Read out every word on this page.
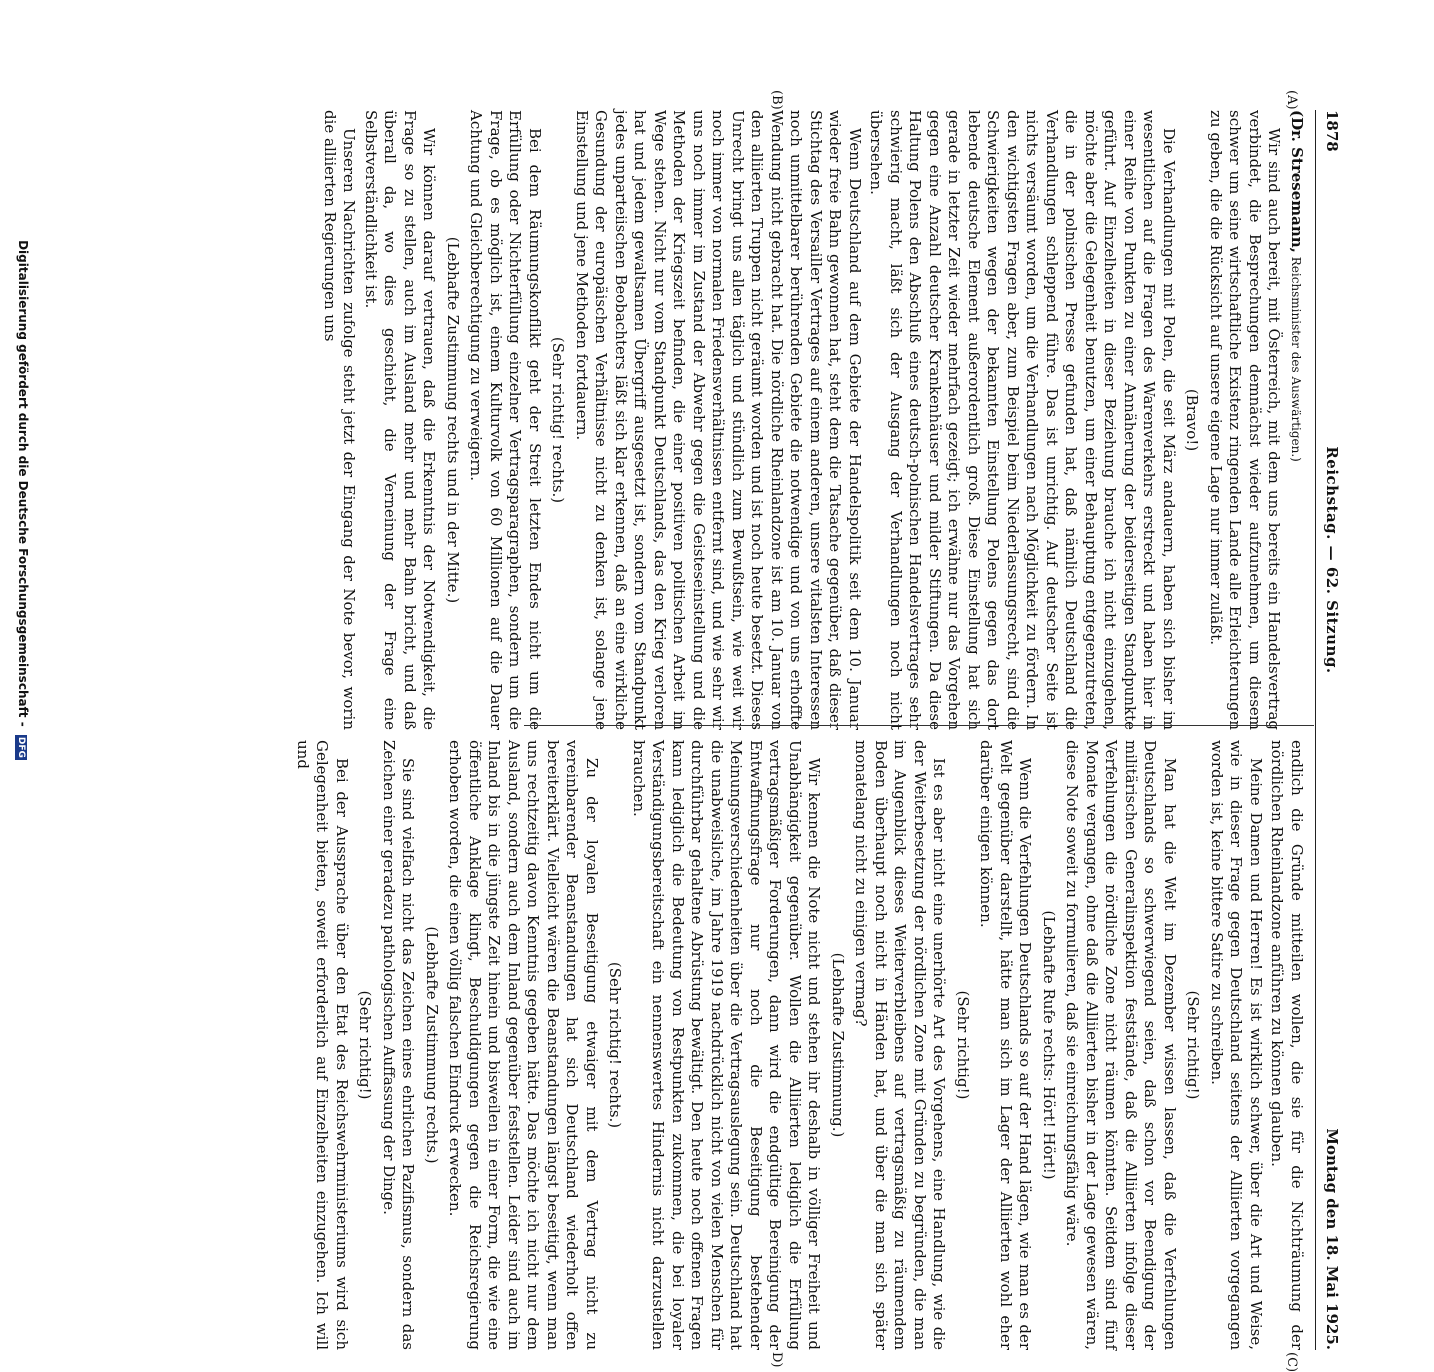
1878
Reichstag. — 62. Sitzung.
Montag den 18. Mai 1925.
(A)
(B)
(C)
D)

(Dr. Stresemann, Reichsminister des Auswärtigen.)

Wir sind auch bereit, mit Österreich, mit dem uns bereits ein Handelsvertrag verbindet, die Besprechungen demnächst wieder aufzunehmen, um diesem schwer um seine wirtschaftliche Existenz ringenden Lande alle Erleichterungen zu geben, die die Rücksicht auf unsere eigene Lage nur immer zuläßt.

(Bravo!)

Die Verhandlungen mit Polen, die seit März andauern, haben sich bisher im wesentlichen auf die Fragen des Warenverkehrs erstreckt und haben hier in einer Reihe von Punkten zu einer Annäherung der beiderseitigen Standpunkte geführt. Auf Einzelheiten in dieser Beziehung brauche ich nicht einzugehen, möchte aber die Gelegenheit benutzen, um einer Behauptung entgegenzutreten, die in der polnischen Presse gefunden hat, daß nämlich Deutschland die Verhandlungen schleppend führe. Das ist unrichtig. Auf deutscher Seite ist nichts versäumt worden, um die Verhandlungen nach Möglichkeit zu fördern. In den wichtigsten Fragen aber, zum Beispiel beim Niederlassungsrecht, sind die Schwierigkeiten wegen der bekannten Einstellung Polens gegen das dort lebende deutsche Element außerordentlich groß. Diese Einstellung hat sich gerade in letzter Zeit wieder mehrfach gezeigt; ich erwähne nur das Vorgehen gegen eine Anzahl deutscher Krankenhäuser und milder Stiftungen. Da diese Haltung Polens den Abschluß eines deutsch-polnischen Handelsvertrages sehr schwierig macht, läßt sich der Ausgang der Verhandlungen noch nicht übersehen.

Wenn Deutschland auf dem Gebiete der Handelspolitik seit dem 10. Januar wieder freie Bahn gewonnen hat, steht dem die Tatsache gegenüber, daß dieser Stichtag des Versailler Vertrages auf einem anderen, unsere vitalsten Interessen noch unmittelbarer berührenden Gebiete die notwendige und von uns erhoffte Wendung nicht gebracht hat. Die nördliche Rheinlandzone ist am 10. Januar von den alliierten Truppen nicht geräumt worden und ist noch heute besetzt. Dieses Unrecht bringt uns allen täglich und stündlich zum Bewußtsein, wie weit wir noch immer von normalen Friedensverhältnissen entfernt sind, und wie sehr wir uns noch immer im Zustand der Abwehr gegen die Geisteseinstellung und die Methoden der Kriegszeit befinden, die einer positiven politischen Arbeit im Wege stehen. Nicht nur vom Standpunkt Deutschlands, das den Krieg verloren hat und jedem gewaltsamen Übergriff ausgesetzt ist, sondern vom Standpunkt jedes unparteiischen Beobachters läßt sich klar erkennen, daß an eine wirkliche Gesundung der europäischen Verhältnisse nicht zu denken ist, solange jene Einstellung und jene Methoden fortdauern.

(Sehr richtig! rechts.)

Bei dem Räumungskonflikt geht der Streit letzten Endes nicht um die Erfüllung oder Nichterfüllung einzelner Vertragsparagraphen, sondern um die Frage, ob es möglich ist, einem Kulturvolk von 60 Millionen auf die Dauer Achtung und Gleichberechtigung zu verweigern.

(Lebhafte Zustimmung rechts und in der Mitte.)

Wir können darauf vertrauen, daß die Erkenntnis der Notwendigkeit, die Frage so zu stellen, auch im Ausland mehr und mehr Bahn bricht, und daß überall da, wo dies geschieht, die Verneinung der Frage eine Selbstverständlichkeit ist.

Unseren Nachrichten zufolge steht jetzt der Eingang der Note bevor, worin die alliierten Regierungen uns

endlich die Gründe mitteilen wollen, die sie für die Nichträumung der nördlichen Rheinlandzone anführen zu können glauben.

Meine Damen und Herren! Es ist wirklich schwer, über die Art und Weise, wie in dieser Frage gegen Deutschland seitens der Alliierten vorgegangen worden ist, keine bittere Satire zu schreiben.

(Sehr richtig!)

Man hat die Welt im Dezember wissen lassen, daß die Verfehlungen Deutschlands so schwerwiegend seien, daß schon vor Beendigung der militärischen Generalinspektion feststände, daß die Alliierten infolge dieser Verfehlungen die nördliche Zone nicht räumen könnten. Seitdem sind fünf Monate vergangen, ohne daß die Alliierten bisher in der Lage gewesen wären, diese Note soweit zu formulieren, daß sie einreichungsfähig wäre.

(Lebhafte Rufe rechts: Hört! Hört!)

Wenn die Verfehlungen Deutschlands so auf der Hand lägen, wie man es der Welt gegenüber darstellt, hätte man sich im Lager der Alliierten wohl eher darüber einigen können.

(Sehr richtig!)

Ist es aber nicht eine unerhörte Art des Vorgehens, eine Handlung, wie die der Weiterbesetzung der nördlichen Zone mit Gründen zu begründen, die man im Augenblick dieses Weiterverbleibens auf vertragsmäßig zu räumendem Boden überhaupt noch nicht in Händen hat, und über die man sich später monatelang nicht zu einigen vermag?

(Lebhafte Zustimmung.)

Wir kennen die Note nicht und stehen ihr deshalb in völliger Freiheit und Unabhängigkeit gegenüber. Wollen die Alliierten lediglich die Erfüllung vertragsmäßiger Forderungen, dann wird die endgültige Bereinigung der Entwaffnungsfrage nur noch die Beseitigung bestehender Meinungsverschiedenheiten über die Vertragsauslegung sein. Deutschland hat die unabweisliche, im Jahre 1919 nachdrücklich nicht von vielen Menschen für durchführbar gehaltene Abrüstung bewältigt. Den heute noch offenen Fragen kann lediglich die Bedeutung von Restpunkten zukommen, die bei loyaler Verständigungsbereitschaft ein nennenswertes Hindernis nicht darzustellen brauchen.

(Sehr richtig! rechts.)

Zu der loyalen Beseitigung etwaiger mit dem Vertrag nicht zu vereinbarender Beanstandungen hat sich Deutschland wiederholt offen bereiterklärt. Vielleicht wären die Beanstandungen längst beseitigt, wenn man uns rechtzeitig davon Kenntnis gegeben hätte. Das möchte ich nicht nur dem Ausland, sondern auch dem Inland gegenüber feststellen. Leider sind auch im Inland bis in die jüngste Zeit hinein und bisweilen in einer Form, die wie eine öffentliche Anklage klingt, Beschuldigungen gegen die Reichsregierung erhoben worden, die einen völlig falschen Eindruck erwecken.

(Lebhafte Zustimmung rechts.)

Sie sind vielfach nicht das Zeichen eines ehrlichen Pazifismus, sondern das Zeichen einer geradezu pathologischen Auffassung der Dinge.

(Sehr richtig!)

Bei der Aussprache über den Etat des Reichswehrministeriums wird sich Gelegenheit bieten, soweit erforderlich auf Einzelheiten einzugehen. Ich will und

Digitalisierung gefördert durch die Deutsche Forschungsgemeinschaft - DFG
